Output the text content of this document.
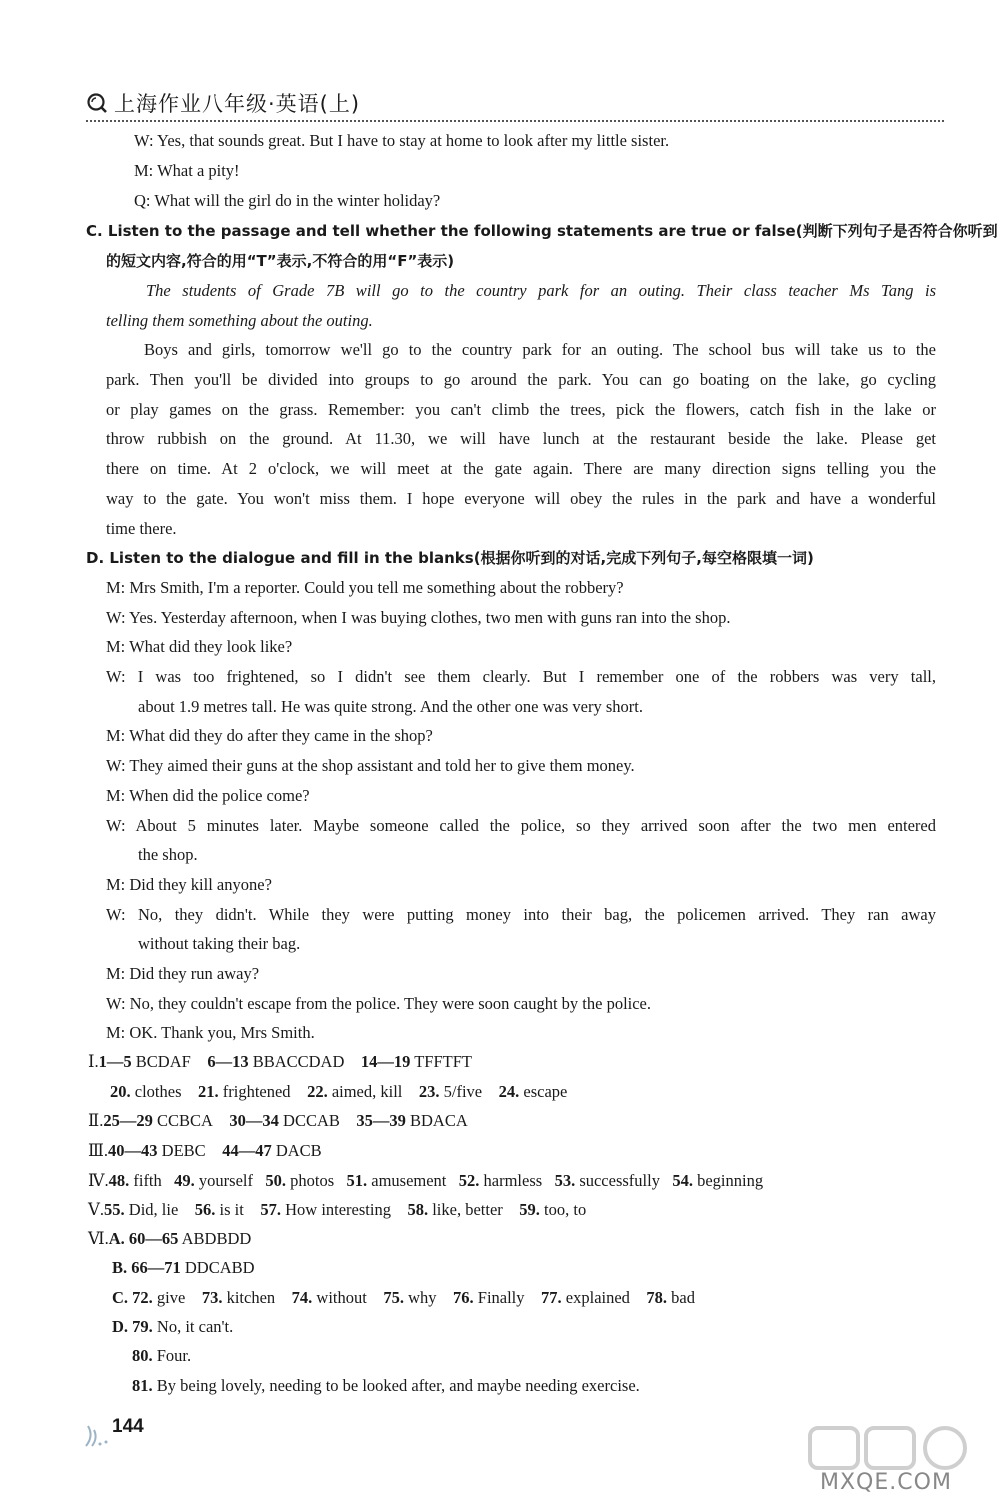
上海作业八年级·英语(上)
W: Yes, that sounds great. But I have to stay at home to look after my little sister.
M: What a pity!
Q: What will the girl do in the winter holiday?
C. Listen to the passage and tell whether the following statements are true or false(判断下列句子是否符合你听到
的短文内容,符合的用“T”表示,不符合的用“F”表示)
The students of Grade 7B will go to the country park for an outing. Their class teacher Ms Tang is
telling them something about the outing.
Boys and girls, tomorrow we'll go to the country park for an outing. The school bus will take us to the
park. Then you'll be divided into groups to go around the park. You can go boating on the lake, go cycling
or play games on the grass. Remember: you can't climb the trees, pick the flowers, catch fish in the lake or
throw rubbish on the ground. At 11.30, we will have lunch at the restaurant beside the lake. Please get
there on time. At 2 o'clock, we will meet at the gate again. There are many direction signs telling you the
way to the gate. You won't miss them. I hope everyone will obey the rules in the park and have a wonderful
time there.
D. Listen to the dialogue and fill in the blanks(根据你听到的对话,完成下列句子,每空格限填一词)
M: Mrs Smith, I'm a reporter. Could you tell me something about the robbery?
W: Yes. Yesterday afternoon, when I was buying clothes, two men with guns ran into the shop.
M: What did they look like?
W: I was too frightened, so I didn't see them clearly. But I remember one of the robbers was very tall,
about 1.9 metres tall. He was quite strong. And the other one was very short.
M: What did they do after they came in the shop?
W: They aimed their guns at the shop assistant and told her to give them money.
M: When did the police come?
W: About 5 minutes later. Maybe someone called the police, so they arrived soon after the two men entered
the shop.
M: Did they kill anyone?
W: No, they didn't. While they were putting money into their bag, the policemen arrived. They ran away
without taking their bag.
M: Did they run away?
W: No, they couldn't escape from the police. They were soon caught by the police.
M: OK. Thank you, Mrs Smith.
Ⅰ.1—5 BCDAF 6—13 BBACCDAD 14—19 TFFTFT
20. clothes 21. frightened 22. aimed, kill 23. 5/five 24. escape
Ⅱ.25—29 CCBCA 30—34 DCCAB 35—39 BDACA
Ⅲ.40—43 DEBC 44—47 DACB
Ⅳ.48. fifth 49. yourself 50. photos 51. amusement 52. harmless 53. successfully 54. beginning
Ⅴ.55. Did, lie 56. is it 57. How interesting 58. like, better 59. too, to
Ⅵ.A. 60—65 ABDBDD
B. 66—71 DDCABD
C. 72. give 73. kitchen 74. without 75. why 76. Finally 77. explained 78. bad
D. 79. No, it can't.
80. Four.
81. By being lovely, needing to be looked after, and maybe needing exercise.
144
MXQE.COM
